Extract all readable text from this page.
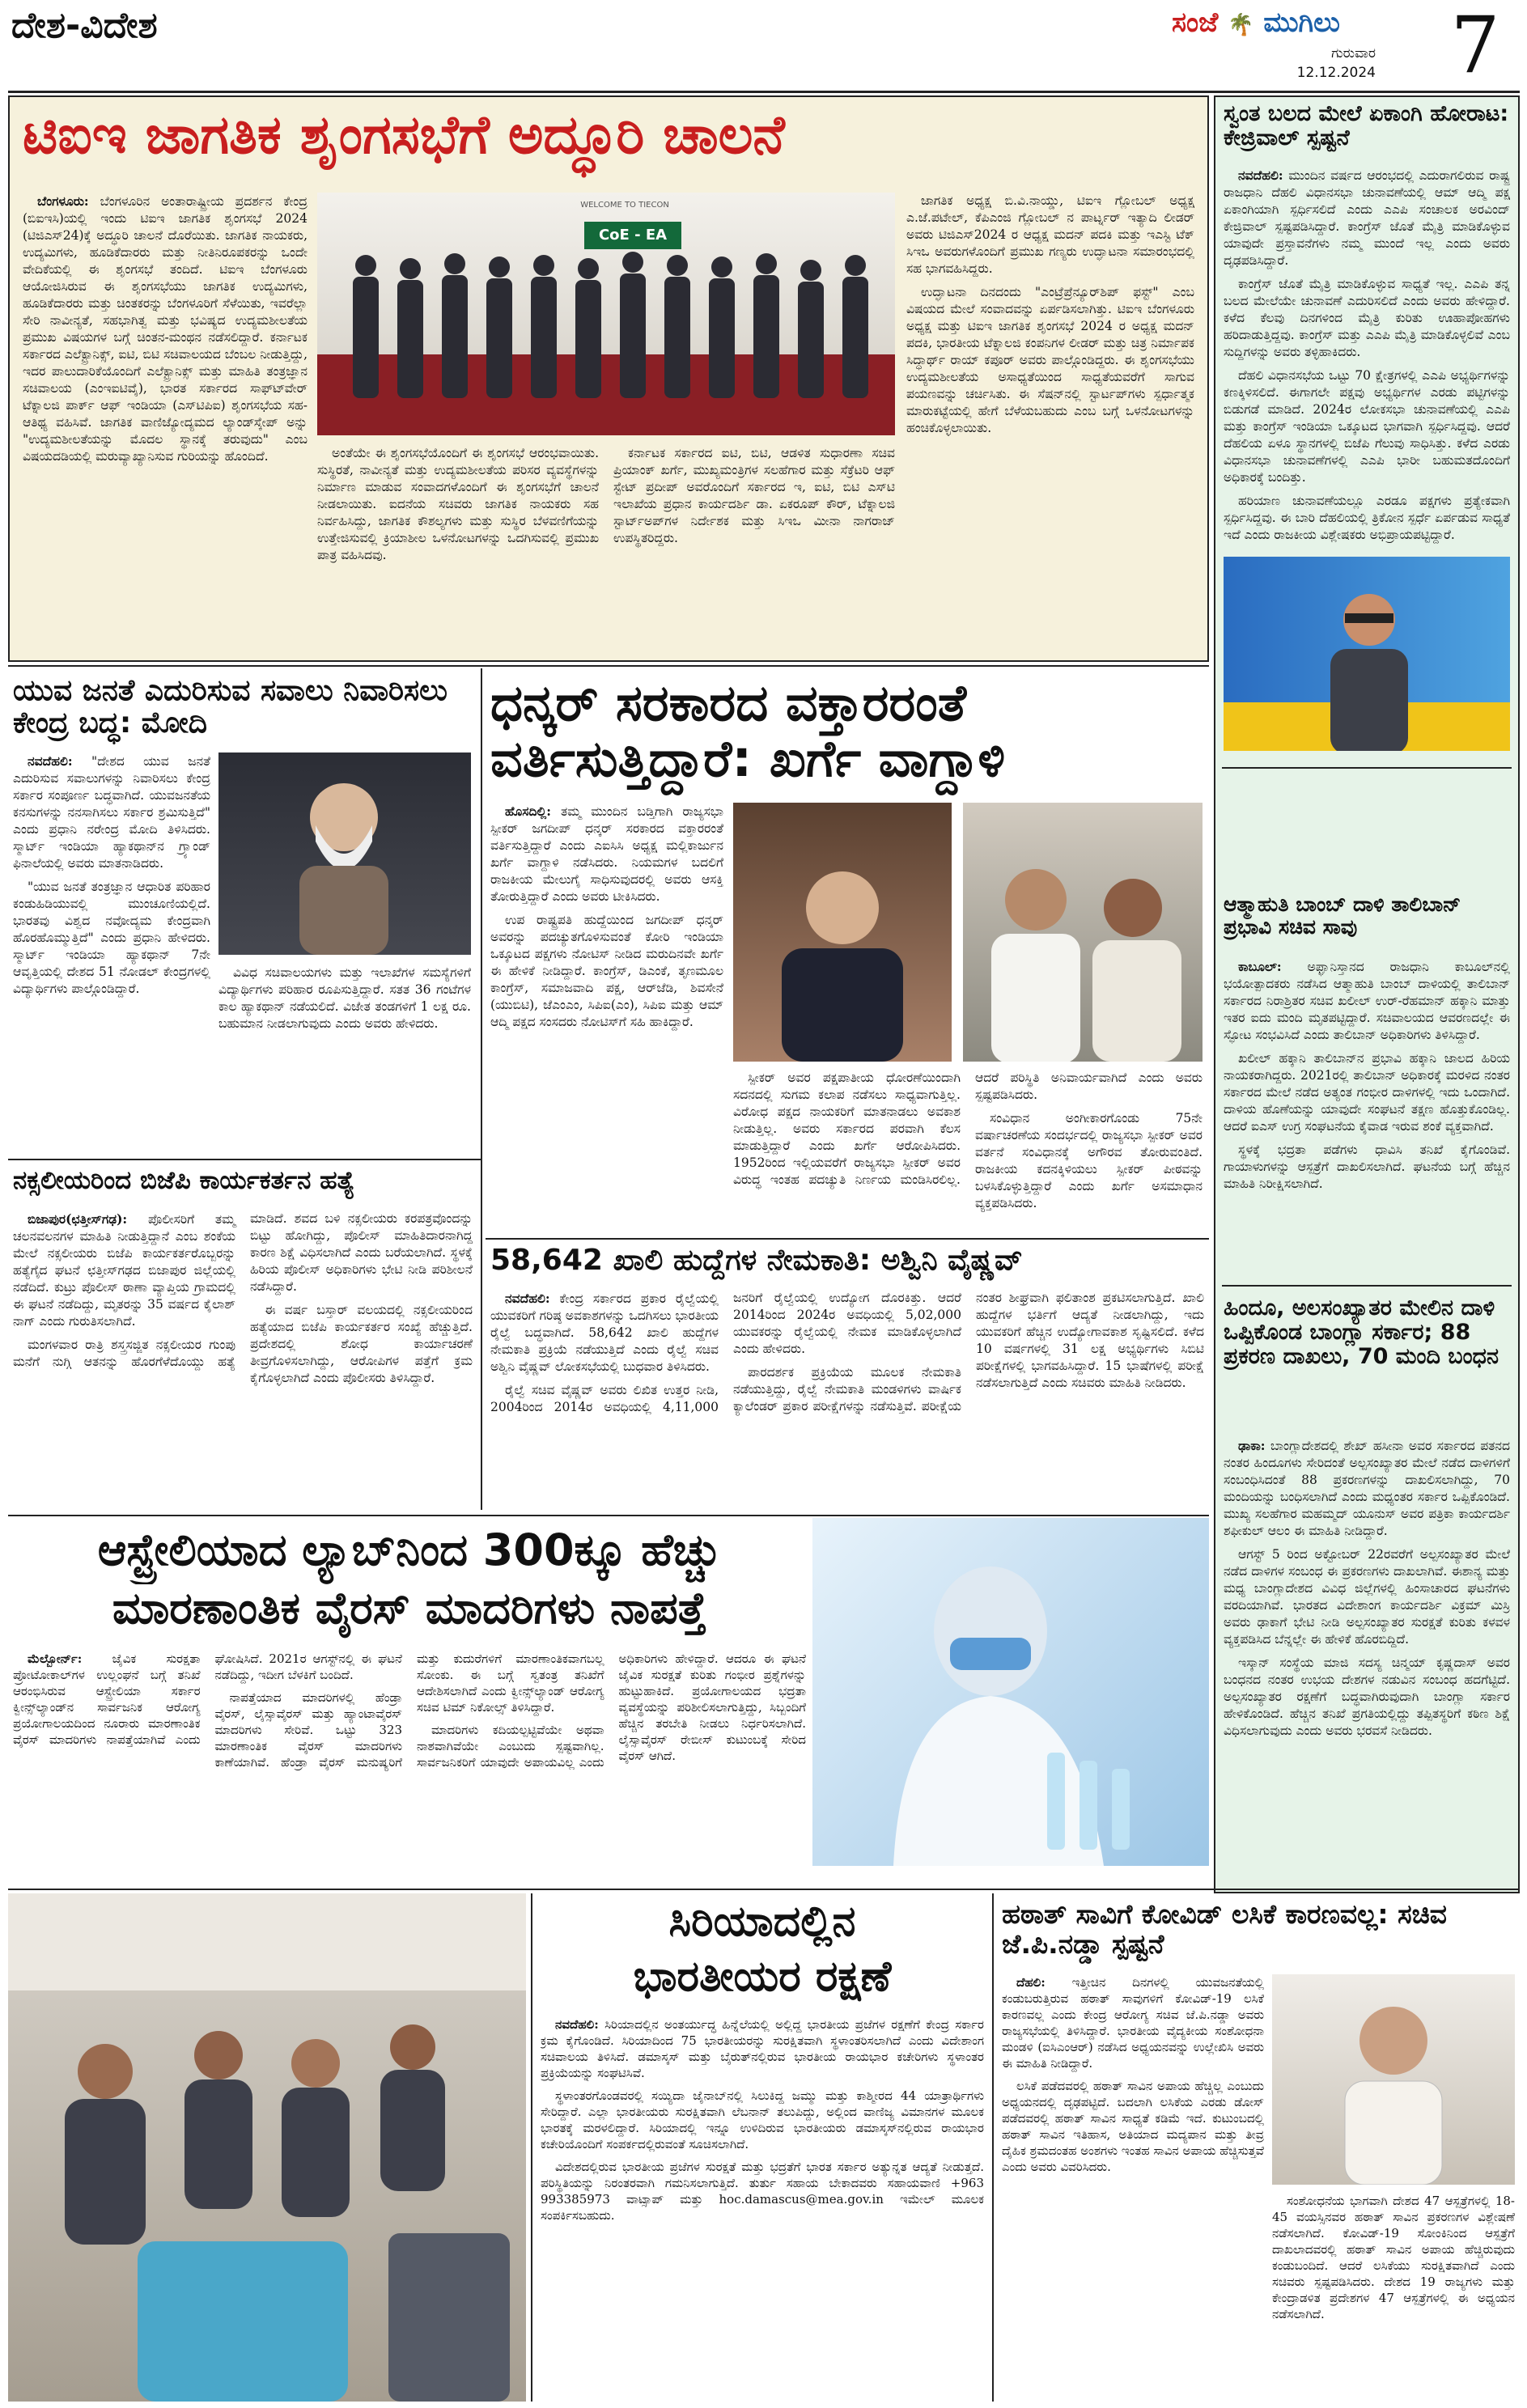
ದೇಶ-ವಿದೇಶ	ಸಂಜೆ 🌴 ಮುಗಿಲು
ಗುರುವಾರ
12.12.2024 7
ಟಿಐಇ ಜಾಗತಿಕ ಶೃಂಗಸಭೆಗೆ ಅದ್ಧೂರಿ ಚಾಲನೆ
WELCOME TO TIECON
CoE - EA

ಬೆಂಗಳೂರು: ಬೆಂಗಳೂರಿನ ಅಂತಾರಾಷ್ಟ್ರೀಯ ಪ್ರದರ್ಶನ ಕೇಂದ್ರ (ಬಿಐಇಸಿ)ಯಲ್ಲಿ ಇಂದು ಟಿಐಇ ಜಾಗತಿಕ ಶೃಂಗಸಭೆ 2024 (ಟಿಜಿಎಸ್24)ಕ್ಕೆ ಅದ್ಧೂರಿ ಚಾಲನೆ ದೊರೆಯಿತು. ಜಾಗತಿಕ ನಾಯಕರು, ಉದ್ಯಮಿಗಳು, ಹೂಡಿಕೆದಾರರು ಮತ್ತು ನೀತಿನಿರೂಪಕರನ್ನು ಒಂದೇ ವೇದಿಕೆಯಲ್ಲಿ ಈ ಶೃಂಗಸಭೆ ತಂದಿದೆ. ಟಿಐಇ ಬೆಂಗಳೂರು ಆಯೋಜಿಸಿರುವ ಈ ಶೃಂಗಸಭೆಯು ಜಾಗತಿಕ ಉದ್ಯಮಿಗಳು, ಹೂಡಿಕೆದಾರರು ಮತ್ತು ಚಿಂತಕರನ್ನು ಬೆಂಗಳೂರಿಗೆ ಸೆಳೆಯಿತು, ಇವರೆಲ್ಲಾ ಸೇರಿ ನಾವೀನ್ಯತೆ, ಸಹಭಾಗಿತ್ವ ಮತ್ತು ಭವಿಷ್ಯದ ಉದ್ಯಮಶೀಲತೆಯ ಪ್ರಮುಖ ವಿಷಯಗಳ ಬಗ್ಗೆ ಚಿಂತನ-ಮಂಥನ ನಡೆಸಲಿದ್ದಾರೆ. ಕರ್ನಾಟಕ ಸರ್ಕಾರದ ಎಲೆಕ್ಟ್ರಾನಿಕ್ಸ್, ಐಟಿ, ಬಿಟಿ ಸಚಿವಾಲಯದ ಬೆಂಬಲ ನೀಡುತ್ತಿದ್ದು, ಇದರ ಪಾಲುದಾರಿಕೆಯೊಂದಿಗೆ ಎಲೆಕ್ಟ್ರಾನಿಕ್ಸ್ ಮತ್ತು ಮಾಹಿತಿ ತಂತ್ರಜ್ಞಾನ ಸಚಿವಾಲಯ (ಎಂಇಐಟಿವೈ), ಭಾರತ ಸರ್ಕಾರದ ಸಾಫ್ಟ್‍ವೇರ್ ಟೆಕ್ನಾಲಜಿ ಪಾರ್ಕ್ ಆಫ್ ಇಂಡಿಯಾ (ಎಸ್‌ಟಿಪಿಐ) ಶೃಂಗಸಭೆಯ ಸಹ-ಆತಿಥ್ಯ ವಹಿಸಿವೆ. ಜಾಗತಿಕ ವಾಣಿಜ್ಯೋದ್ಯಮದ ಲ್ಯಾಂಡ್‍ಸ್ಕೇಪ್ ಅನ್ನು "ಉದ್ಯಮಶೀಲತೆಯನ್ನು ಮೊದಲ ಸ್ಥಾನಕ್ಕೆ ತರುವುದು" ಎಂಬ ವಿಷಯದಡಿಯಲ್ಲಿ ಮರುವ್ಯಾಖ್ಯಾನಿಸುವ ಗುರಿಯನ್ನು ಹೊಂದಿದೆ.	ಅಂತೆಯೇ ಈ ಶೃಂಗಸಭೆಯೊಂದಿಗೆ ಈ ಶೃಂಗಸಭೆ ಆರಂಭವಾಯಿತು. ಸುಸ್ಥಿರತೆ, ನಾವೀನ್ಯತೆ ಮತ್ತು ಉದ್ಯಮಶೀಲತೆಯ ಪರಿಸರ ವ್ಯವಸ್ಥೆಗಳನ್ನು ನಿರ್ಮಾಣ ಮಾಡುವ ಸಂವಾದಗಳೊಂದಿಗೆ ಈ ಶೃಂಗಸಭೆಗೆ ಚಾಲನೆ ನೀಡಲಾಯಿತು. ಐದನೆಯ ಸಚಿವರು ಜಾಗತಿಕ ನಾಯಕರು ಸಹ ನಿರ್ವಹಿಸಿದ್ದು, ಜಾಗತಿಕ ಕೌಶಲ್ಯಗಳು ಮತ್ತು ಸುಸ್ಥಿರ ಬೆಳವಣಿಗೆಯನ್ನು ಉತ್ತೇಜಿಸುವಲ್ಲಿ ಕ್ರಿಯಾಶೀಲ ಒಳನೋಟಗಳನ್ನು ಒದಗಿಸುವಲ್ಲಿ ಪ್ರಮುಖ ಪಾತ್ರ ವಹಿಸಿದವು.

ಕರ್ನಾಟಕ ಸರ್ಕಾರದ ಐಟಿ, ಬಿಟಿ, ಆಡಳಿತ ಸುಧಾರಣಾ ಸಚಿವ ಪ್ರಿಯಾಂಕ್ ಖರ್ಗೆ, ಮುಖ್ಯಮಂತ್ರಿಗಳ ಸಲಹೆಗಾರ ಮತ್ತು ಸೆಕ್ರೆಟರಿ ಆಫ್ ಸ್ಟೇಟ್ ಪ್ರದೀಪ್ ಅವರೊಂದಿಗೆ ಸರ್ಕಾರದ ಇ, ಐಟಿ, ಬಿಟಿ ಎಸ್‌ಟಿ ಇಲಾಖೆಯ ಪ್ರಧಾನ ಕಾರ್ಯದರ್ಶಿ ಡಾ. ಏಕರೂಪ್ ಕೌರ್, ಟೆಕ್ನಾಲಜಿ ಸ್ಟಾರ್ಟ್‌ಅಪ್‌ಗಳ ನಿರ್ದೇಶಕ ಮತ್ತು ಸಿಇಒ ಮೀನಾ ನಾಗರಾಜ್ ಉಪಸ್ಥಿತರಿದ್ದರು.

ಜಾಗತಿಕ ಅಧ್ಯಕ್ಷ ಬಿ.ವಿ.ನಾಯ್ಡು, ಟಿಐಇ ಗ್ಲೋಬಲ್ ಅಧ್ಯಕ್ಷ ಎ.ಜೆ.ಪಟೇಲ್, ಕೆಪಿಎಂಜಿ ಗ್ಲೋಬಲ್ ನ ಪಾರ್ಟ್ನರ್ ಇತ್ಯಾದಿ ಲೀಡರ್ ಅವರು ಟಿಜಿಎಸ್2024 ರ ಆಧ್ಯಕ್ಷ ಮದನ್ ಪದಕಿ ಮತ್ತು ಇಎಸ್ಟಿ ಟೆಕ್ ಸಿಇಒ ಅವರುಗಳೊಂದಿಗೆ ಪ್ರಮುಖ ಗಣ್ಯರು ಉದ್ಘಾಟನಾ ಸಮಾರಂಭದಲ್ಲಿ ಸಹ ಭಾಗವಹಿಸಿದ್ದರು.

ಉದ್ಘಾಟನಾ ದಿನದಂದು "ಎಂಟ್ರೆಪ್ರೆನ್ಯೂರ್‌ಶಿಪ್ ಫಸ್ಟ್" ಎಂಬ ವಿಷಯದ ಮೇಲೆ ಸಂವಾದವನ್ನು ಏರ್ಪಡಿಸಲಾಗಿತ್ತು. ಟಿಐಇ ಬೆಂಗಳೂರು ಅಧ್ಯಕ್ಷ ಮತ್ತು ಟಿಐಇ ಜಾಗತಿಕ ಶೃಂಗಸಭೆ 2024 ರ ಅಧ್ಯಕ್ಷ ಮದನ್ ಪದಕಿ, ಭಾರತೀಯ ಟೆಕ್ನಾಲಜಿ ಕಂಪನಿಗಳ ಲೀಡರ್ ಮತ್ತು ಚಿತ್ರ ನಿರ್ಮಾಪಕ ಸಿದ್ಧಾರ್ಥ್ ರಾಯ್ ಕಪೂರ್ ಅವರು ಪಾಲ್ಗೊಂಡಿದ್ದರು. ಈ ಶೃಂಗಸಭೆಯು ಉದ್ಯಮಶೀಲತೆಯ ಅಸಾಧ್ಯತೆಯಿಂದ ಸಾಧ್ಯತೆಯವರೆಗೆ ಸಾಗುವ ಪಯಣವನ್ನು ಚರ್ಚಿಸಿತು. ಈ ಸೆಷನ್‌ನಲ್ಲಿ ಸ್ಟಾರ್ಟಪ್‌ಗಳು ಸ್ಪರ್ಧಾತ್ಮಕ ಮಾರುಕಟ್ಟೆಯಲ್ಲಿ ಹೇಗೆ ಬೆಳೆಯಬಹುದು ಎಂಬ ಬಗ್ಗೆ ಒಳನೋಟಗಳನ್ನು ಹಂಚಿಕೊಳ್ಳಲಾಯಿತು.

ಸ್ವಂತ ಬಲದ ಮೇಲೆ ಏಕಾಂಗಿ ಹೋರಾಟ: ಕೇಜ್ರಿವಾಲ್ ಸ್ಪಷ್ಟನೆ

ನವದೆಹಲಿ: ಮುಂದಿನ ವರ್ಷದ ಆರಂಭದಲ್ಲಿ ಎದುರಾಗಲಿರುವ ರಾಷ್ಟ್ರ ರಾಜಧಾನಿ ದೆಹಲಿ ವಿಧಾನಸಭಾ ಚುನಾವಣೆಯಲ್ಲಿ ಆಮ್ ಆದ್ಮಿ ಪಕ್ಷ ಏಕಾಂಗಿಯಾಗಿ ಸ್ಪರ್ಧಿಸಲಿದೆ ಎಂದು ಎಎಪಿ ಸಂಚಾಲಕ ಅರವಿಂದ್ ಕೇಜ್ರಿವಾಲ್ ಸ್ಪಷ್ಟಪಡಿಸಿದ್ದಾರೆ. ಕಾಂಗ್ರೆಸ್ ಜೊತೆ ಮೈತ್ರಿ ಮಾಡಿಕೊಳ್ಳುವ ಯಾವುದೇ ಪ್ರಸ್ತಾವನೆಗಳು ನಮ್ಮ ಮುಂದೆ ಇಲ್ಲ ಎಂದು ಅವರು ದೃಢಪಡಿಸಿದ್ದಾರೆ.

ಕಾಂಗ್ರೆಸ್ ಜೊತೆ ಮೈತ್ರಿ ಮಾಡಿಕೊಳ್ಳುವ ಸಾಧ್ಯತೆ ಇಲ್ಲ. ಎಎಪಿ ತನ್ನ ಬಲದ ಮೇಲೆಯೇ ಚುನಾವಣೆ ಎದುರಿಸಲಿದೆ ಎಂದು ಅವರು ಹೇಳಿದ್ದಾರೆ. ಕಳೆದ ಕೆಲವು ದಿನಗಳಿಂದ ಮೈತ್ರಿ ಕುರಿತು ಊಹಾಪೋಹಗಳು ಹರಿದಾಡುತ್ತಿದ್ದವು. ಕಾಂಗ್ರೆಸ್ ಮತ್ತು ಎಎಪಿ ಮೈತ್ರಿ ಮಾಡಿಕೊಳ್ಳಲಿವೆ ಎಂಬ ಸುದ್ದಿಗಳನ್ನು ಅವರು ತಳ್ಳಿಹಾಕಿದರು.

ದೆಹಲಿ ವಿಧಾನಸಭೆಯ ಒಟ್ಟು 70 ಕ್ಷೇತ್ರಗಳಲ್ಲಿ ಎಎಪಿ ಅಭ್ಯರ್ಥಿಗಳನ್ನು ಕಣಕ್ಕಿಳಿಸಲಿದೆ. ಈಗಾಗಲೇ ಪಕ್ಷವು ಅಭ್ಯರ್ಥಿಗಳ ಎರಡು ಪಟ್ಟಿಗಳನ್ನು ಬಿಡುಗಡೆ ಮಾಡಿದೆ. 2024ರ ಲೋಕಸಭಾ ಚುನಾವಣೆಯಲ್ಲಿ ಎಎಪಿ ಮತ್ತು ಕಾಂಗ್ರೆಸ್ ಇಂಡಿಯಾ ಒಕ್ಕೂಟದ ಭಾಗವಾಗಿ ಸ್ಪರ್ಧಿಸಿದ್ದವು. ಆದರೆ ದೆಹಲಿಯ ಏಳೂ ಸ್ಥಾನಗಳಲ್ಲಿ ಬಿಜೆಪಿ ಗೆಲುವು ಸಾಧಿಸಿತ್ತು. ಕಳೆದ ಎರಡು ವಿಧಾನಸಭಾ ಚುನಾವಣೆಗಳಲ್ಲಿ ಎಎಪಿ ಭಾರೀ ಬಹುಮತದೊಂದಿಗೆ ಅಧಿಕಾರಕ್ಕೆ ಬಂದಿತ್ತು.

ಹರಿಯಾಣ ಚುನಾವಣೆಯಲ್ಲೂ ಎರಡೂ ಪಕ್ಷಗಳು ಪ್ರತ್ಯೇಕವಾಗಿ ಸ್ಪರ್ಧಿಸಿದ್ದವು. ಈ ಬಾರಿ ದೆಹಲಿಯಲ್ಲಿ ತ್ರಿಕೋನ ಸ್ಪರ್ಧೆ ಏರ್ಪಡುವ ಸಾಧ್ಯತೆ ಇದೆ ಎಂದು ರಾಜಕೀಯ ವಿಶ್ಲೇಷಕರು ಅಭಿಪ್ರಾಯಪಟ್ಟಿದ್ದಾರೆ.

ಆತ್ಮಾಹುತಿ ಬಾಂಬ್ ದಾಳಿ ತಾಲಿಬಾನ್ ಪ್ರಭಾವಿ ಸಚಿವ ಸಾವು

ಕಾಬೂಲ್: ಅಫ್ಘಾನಿಸ್ತಾನದ ರಾಜಧಾನಿ ಕಾಬೂಲ್‌ನಲ್ಲಿ ಭಯೋತ್ಪಾದಕರು ನಡೆಸಿದ ಆತ್ಮಾಹುತಿ ಬಾಂಬ್ ದಾಳಿಯಲ್ಲಿ ತಾಲಿಬಾನ್ ಸರ್ಕಾರದ ನಿರಾಶ್ರಿತರ ಸಚಿವ ಖಲೀಲ್ ಉರ್-ರೆಹಮಾನ್ ಹಕ್ಕಾನಿ ಮಾತ್ತು ಇತರ ಐದು ಮಂದಿ ಮೃತಪಟ್ಟಿದ್ದಾರೆ. ಸಚಿವಾಲಯದ ಆವರಣದಲ್ಲೇ ಈ ಸ್ಫೋಟ ಸಂಭವಿಸಿದೆ ಎಂದು ತಾಲಿಬಾನ್ ಅಧಿಕಾರಿಗಳು ತಿಳಿಸಿದ್ದಾರೆ.

ಖಲೀಲ್ ಹಕ್ಕಾನಿ ತಾಲಿಬಾನ್‌ನ ಪ್ರಭಾವಿ ಹಕ್ಕಾನಿ ಜಾಲದ ಹಿರಿಯ ನಾಯಕರಾಗಿದ್ದರು. 2021ರಲ್ಲಿ ತಾಲಿಬಾನ್ ಅಧಿಕಾರಕ್ಕೆ ಮರಳಿದ ನಂತರ ಸರ್ಕಾರದ ಮೇಲೆ ನಡೆದ ಅತ್ಯಂತ ಗಂಭೀರ ದಾಳಿಗಳಲ್ಲಿ ಇದು ಒಂದಾಗಿದೆ. ದಾಳಿಯ ಹೊಣೆಯನ್ನು ಯಾವುದೇ ಸಂಘಟನೆ ತಕ್ಷಣ ಹೊತ್ತುಕೊಂಡಿಲ್ಲ. ಆದರೆ ಐಎಸ್ ಉಗ್ರ ಸಂಘಟನೆಯ ಕೈವಾಡ ಇರುವ ಶಂಕೆ ವ್ಯಕ್ತವಾಗಿದೆ.

ಸ್ಥಳಕ್ಕೆ ಭದ್ರತಾ ಪಡೆಗಳು ಧಾವಿಸಿ ತನಿಖೆ ಕೈಗೊಂಡಿವೆ. ಗಾಯಾಳುಗಳನ್ನು ಆಸ್ಪತ್ರೆಗೆ ದಾಖಲಿಸಲಾಗಿದೆ. ಘಟನೆಯ ಬಗ್ಗೆ ಹೆಚ್ಚಿನ ಮಾಹಿತಿ ನಿರೀಕ್ಷಿಸಲಾಗಿದೆ.

ಹಿಂದೂ, ಅಲಸಂಖ್ಯಾತರ ಮೇಲಿನ ದಾಳಿ ಒಪ್ಪಿಕೊಂಡ ಬಾಂಗ್ಲಾ ಸರ್ಕಾರ; 88 ಪ್ರಕರಣ ದಾಖಲು, 70 ಮಂದಿ ಬಂಧನ

ಢಾಕಾ: ಬಾಂಗ್ಲಾದೇಶದಲ್ಲಿ ಶೇಖ್ ಹಸೀನಾ ಅವರ ಸರ್ಕಾರದ ಪತನದ ನಂತರ ಹಿಂದೂಗಳು ಸೇರಿದಂತೆ ಅಲ್ಪಸಂಖ್ಯಾತರ ಮೇಲೆ ನಡೆದ ದಾಳಿಗಳಿಗೆ ಸಂಬಂಧಿಸಿದಂತೆ 88 ಪ್ರಕರಣಗಳನ್ನು ದಾಖಲಿಸಲಾಗಿದ್ದು, 70 ಮಂದಿಯನ್ನು ಬಂಧಿಸಲಾಗಿದೆ ಎಂದು ಮಧ್ಯಂತರ ಸರ್ಕಾರ ಒಪ್ಪಿಕೊಂಡಿದೆ. ಮುಖ್ಯ ಸಲಹೆಗಾರ ಮಹಮ್ಮದ್ ಯೂನುಸ್ ಅವರ ಪತ್ರಿಕಾ ಕಾರ್ಯದರ್ಶಿ ಶಫೀಕುಲ್ ಆಲಂ ಈ ಮಾಹಿತಿ ನೀಡಿದ್ದಾರೆ.

ಆಗಸ್ಟ್ 5 ರಿಂದ ಅಕ್ಟೋಬರ್ 22ರವರೆಗೆ ಅಲ್ಪಸಂಖ್ಯಾತರ ಮೇಲೆ ನಡೆದ ದಾಳಿಗಳ ಸಂಬಂಧ ಈ ಪ್ರಕರಣಗಳು ದಾಖಲಾಗಿವೆ. ಈಶಾನ್ಯ ಮತ್ತು ಮಧ್ಯ ಬಾಂಗ್ಲಾದೇಶದ ವಿವಿಧ ಜಿಲ್ಲೆಗಳಲ್ಲಿ ಹಿಂಸಾಚಾರದ ಘಟನೆಗಳು ವರದಿಯಾಗಿವೆ. ಭಾರತದ ವಿದೇಶಾಂಗ ಕಾರ್ಯದರ್ಶಿ ವಿಕ್ರಮ್ ಮಿಸ್ರಿ ಅವರು ಢಾಕಾಗೆ ಭೇಟಿ ನೀಡಿ ಅಲ್ಪಸಂಖ್ಯಾತರ ಸುರಕ್ಷತೆ ಕುರಿತು ಕಳವಳ ವ್ಯಕ್ತಪಡಿಸಿದ ಬೆನ್ನಲ್ಲೇ ಈ ಹೇಳಿಕೆ ಹೊರಬಿದ್ದಿದೆ.

ಇಸ್ಕಾನ್ ಸಂಸ್ಥೆಯ ಮಾಜಿ ಸದಸ್ಯ ಚಿನ್ಮಯ್ ಕೃಷ್ಣದಾಸ್ ಅವರ ಬಂಧನದ ನಂತರ ಉಭಯ ದೇಶಗಳ ನಡುವಿನ ಸಂಬಂಧ ಹದಗೆಟ್ಟಿದೆ. ಅಲ್ಪಸಂಖ್ಯಾತರ ರಕ್ಷಣೆಗೆ ಬದ್ಧವಾಗಿರುವುದಾಗಿ ಬಾಂಗ್ಲಾ ಸರ್ಕಾರ ಹೇಳಿಕೊಂಡಿದೆ. ಹೆಚ್ಚಿನ ತನಿಖೆ ಪ್ರಗತಿಯಲ್ಲಿದ್ದು ತಪ್ಪಿತಸ್ಥರಿಗೆ ಕಠಿಣ ಶಿಕ್ಷೆ ವಿಧಿಸಲಾಗುವುದು ಎಂದು ಅವರು ಭರವಸೆ ನೀಡಿದರು.

ಯುವ ಜನತೆ ಎದುರಿಸುವ ಸವಾಲು ನಿವಾರಿಸಲು ಕೇಂದ್ರ ಬದ್ಧ: ಮೋದಿ

ನವದೆಹಲಿ: "ದೇಶದ ಯುವ ಜನತೆ ಎದುರಿಸುವ ಸವಾಲುಗಳನ್ನು ನಿವಾರಿಸಲು ಕೇಂದ್ರ ಸರ್ಕಾರ ಸಂಪೂರ್ಣ ಬದ್ಧವಾಗಿದೆ. ಯುವಜನತೆಯ ಕನಸುಗಳನ್ನು ನನಸಾಗಿಸಲು ಸರ್ಕಾರ ಶ್ರಮಿಸುತ್ತಿದೆ" ಎಂದು ಪ್ರಧಾನಿ ನರೇಂದ್ರ ಮೋದಿ ತಿಳಿಸಿದರು. ಸ್ಮಾರ್ಟ್ ಇಂಡಿಯಾ ಹ್ಯಾಕಥಾನ್‌ನ ಗ್ರ್ಯಾಂಡ್ ಫಿನಾಲೆಯಲ್ಲಿ ಅವರು ಮಾತನಾಡಿದರು.

"ಯುವ ಜನತೆ ತಂತ್ರಜ್ಞಾನ ಆಧಾರಿತ ಪರಿಹಾರ ಕಂಡುಹಿಡಿಯುವಲ್ಲಿ ಮುಂಚೂಣಿಯಲ್ಲಿದೆ. ಭಾರತವು ವಿಶ್ವದ ನವೋದ್ಯಮ ಕೇಂದ್ರವಾಗಿ ಹೊರಹೊಮ್ಮುತ್ತಿದೆ" ಎಂದು ಪ್ರಧಾನಿ ಹೇಳಿದರು. ಸ್ಮಾರ್ಟ್ ಇಂಡಿಯಾ ಹ್ಯಾಕಥಾನ್ 7ನೇ ಆವೃತ್ತಿಯಲ್ಲಿ ದೇಶದ 51 ನೋಡಲ್ ಕೇಂದ್ರಗಳಲ್ಲಿ ವಿದ್ಯಾರ್ಥಿಗಳು ಪಾಲ್ಗೊಂಡಿದ್ದಾರೆ.

ವಿವಿಧ ಸಚಿವಾಲಯಗಳು ಮತ್ತು ಇಲಾಖೆಗಳ ಸಮಸ್ಯೆಗಳಿಗೆ ವಿದ್ಯಾರ್ಥಿಗಳು ಪರಿಹಾರ ರೂಪಿಸುತ್ತಿದ್ದಾರೆ. ಸತತ 36 ಗಂಟೆಗಳ ಕಾಲ ಹ್ಯಾಕಥಾನ್ ನಡೆಯಲಿದೆ. ವಿಜೇತ ತಂಡಗಳಿಗೆ 1 ಲಕ್ಷ ರೂ. ಬಹುಮಾನ ನೀಡಲಾಗುವುದು ಎಂದು ಅವರು ಹೇಳಿದರು.

ಧನ್ಕರ್ ಸರಕಾರದ ವಕ್ತಾರರಂತೆ ವರ್ತಿಸುತ್ತಿದ್ದಾರೆ: ಖರ್ಗೆ ವಾಗ್ದಾಳಿ

ಹೊಸದಿಲ್ಲಿ: ತಮ್ಮ ಮುಂದಿನ ಬಡ್ತಿಗಾಗಿ ರಾಜ್ಯಸಭಾ ಸ್ಪೀಕರ್ ಜಗದೀಪ್ ಧನ್ಕರ್ ಸರಕಾರದ ವಕ್ತಾರರಂತೆ ವರ್ತಿಸುತ್ತಿದ್ದಾರೆ ಎಂದು ಎಐಸಿಸಿ ಅಧ್ಯಕ್ಷ ಮಲ್ಲಿಕಾರ್ಜುನ ಖರ್ಗೆ ವಾಗ್ದಾಳಿ ನಡೆಸಿದರು. ನಿಯಮಗಳ ಬದಲಿಗೆ ರಾಜಕೀಯ ಮೇಲುಗೈ ಸಾಧಿಸುವುದರಲ್ಲಿ ಅವರು ಆಸಕ್ತಿ ತೋರುತ್ತಿದ್ದಾರೆ ಎಂದು ಅವರು ಟೀಕಿಸಿದರು.

ಉಪ ರಾಷ್ಟ್ರಪತಿ ಹುದ್ದೆಯಿಂದ ಜಗದೀಪ್ ಧನ್ಕರ್ ಅವರನ್ನು ಪದಚ್ಯುತಗೊಳಿಸುವಂತೆ ಕೋರಿ ಇಂಡಿಯಾ ಒಕ್ಕೂಟದ ಪಕ್ಷಗಳು ನೋಟಿಸ್ ನೀಡಿದ ಮರುದಿನವೇ ಖರ್ಗೆ ಈ ಹೇಳಿಕೆ ನೀಡಿದ್ದಾರೆ. ಕಾಂಗ್ರೆಸ್, ಡಿಎಂಕೆ, ತೃಣಮೂಲ ಕಾಂಗ್ರೆಸ್, ಸಮಾಜವಾದಿ ಪಕ್ಷ, ಆರ್‌ಜೆಡಿ, ಶಿವಸೇನೆ (ಯುಬಿಟಿ), ಜೆಎಂಎಂ, ಸಿಪಿಐ(ಎಂ), ಸಿಪಿಐ ಮತ್ತು ಆಮ್ ಆದ್ಮಿ ಪಕ್ಷದ ಸಂಸದರು ನೋಟಿಸ್‌ಗೆ ಸಹಿ ಹಾಕಿದ್ದಾರೆ.

ಸ್ಪೀಕರ್ ಅವರ ಪಕ್ಷಪಾತೀಯ ಧೋರಣೆಯಿಂದಾಗಿ ಸದನದಲ್ಲಿ ಸುಗಮ ಕಲಾಪ ನಡೆಸಲು ಸಾಧ್ಯವಾಗುತ್ತಿಲ್ಲ. ವಿರೋಧ ಪಕ್ಷದ ನಾಯಕರಿಗೆ ಮಾತನಾಡಲು ಅವಕಾಶ ನೀಡುತ್ತಿಲ್ಲ. ಅವರು ಸರ್ಕಾರದ ಪರವಾಗಿ ಕೆಲಸ ಮಾಡುತ್ತಿದ್ದಾರೆ ಎಂದು ಖರ್ಗೆ ಆರೋಪಿಸಿದರು. 1952ರಿಂದ ಇಲ್ಲಿಯವರೆಗೆ ರಾಜ್ಯಸಭಾ ಸ್ಪೀಕರ್ ಅವರ ವಿರುದ್ಧ ಇಂತಹ ಪದಚ್ಯುತಿ ನಿರ್ಣಯ ಮಂಡಿಸಿರಲಿಲ್ಲ. ಆದರೆ ಪರಿಸ್ಥಿತಿ ಅನಿವಾರ್ಯವಾಗಿದೆ ಎಂದು ಅವರು ಸ್ಪಷ್ಟಪಡಿಸಿದರು.

ಸಂವಿಧಾನ ಅಂಗೀಕಾರಗೊಂಡು 75ನೇ ವರ್ಷಾಚರಣೆಯ ಸಂದರ್ಭದಲ್ಲಿ ರಾಜ್ಯಸಭಾ ಸ್ಪೀಕರ್ ಅವರ ವರ್ತನೆ ಸಂವಿಧಾನಕ್ಕೆ ಅಗೌರವ ತೋರುವಂತಿದೆ. ರಾಜಕೀಯ ಕದನಕ್ಕಿಳಿಯಲು ಸ್ಪೀಕರ್ ಪೀಠವನ್ನು ಬಳಸಿಕೊಳ್ಳುತ್ತಿದ್ದಾರೆ ಎಂದು ಖರ್ಗೆ ಅಸಮಾಧಾನ ವ್ಯಕ್ತಪಡಿಸಿದರು.

ನಕ್ಸಲೀಯರಿಂದ ಬಿಜೆಪಿ ಕಾರ್ಯಕರ್ತನ ಹತ್ಯೆ

ಬಿಜಾಪುರ(ಛತ್ತೀಸ್‌ಗಢ): ಪೊಲೀಸರಿಗೆ ತಮ್ಮ ಚಲನವಲನಗಳ ಮಾಹಿತಿ ನೀಡುತ್ತಿದ್ದಾನೆ ಎಂಬ ಶಂಕೆಯ ಮೇಲೆ ನಕ್ಸಲೀಯರು ಬಿಜೆಪಿ ಕಾರ್ಯಕರ್ತರೊಬ್ಬರನ್ನು ಹತ್ಯೆಗೈದ ಘಟನೆ ಛತ್ತೀಸ್‌ಗಢದ ಬಿಜಾಪುರ ಜಿಲ್ಲೆಯಲ್ಲಿ ನಡೆದಿದೆ. ಕುಟ್ರು ಪೊಲೀಸ್ ಠಾಣಾ ವ್ಯಾಪ್ತಿಯ ಗ್ರಾಮದಲ್ಲಿ ಈ ಘಟನೆ ನಡೆದಿದ್ದು, ಮೃತರನ್ನು 35 ವರ್ಷದ ಕೈಲಾಶ್ ನಾಗ್ ಎಂದು ಗುರುತಿಸಲಾಗಿದೆ.

ಮಂಗಳವಾರ ರಾತ್ರಿ ಶಸ್ತ್ರಸಜ್ಜಿತ ನಕ್ಸಲೀಯರ ಗುಂಪು ಮನೆಗೆ ನುಗ್ಗಿ ಆತನನ್ನು ಹೊರಗೆಳೆದೊಯ್ದು ಹತ್ಯೆ ಮಾಡಿದೆ. ಶವದ ಬಳಿ ನಕ್ಸಲೀಯರು ಕರಪತ್ರವೊಂದನ್ನು ಬಿಟ್ಟು ಹೋಗಿದ್ದು, ಪೊಲೀಸ್ ಮಾಹಿತಿದಾರನಾಗಿದ್ದ ಕಾರಣ ಶಿಕ್ಷೆ ವಿಧಿಸಲಾಗಿದೆ ಎಂದು ಬರೆಯಲಾಗಿದೆ. ಸ್ಥಳಕ್ಕೆ ಹಿರಿಯ ಪೊಲೀಸ್ ಅಧಿಕಾರಿಗಳು ಭೇಟಿ ನೀಡಿ ಪರಿಶೀಲನೆ ನಡೆಸಿದ್ದಾರೆ.

ಈ ವರ್ಷ ಬಸ್ತಾರ್ ವಲಯದಲ್ಲಿ ನಕ್ಸಲೀಯರಿಂದ ಹತ್ಯೆಯಾದ ಬಿಜೆಪಿ ಕಾರ್ಯಕರ್ತರ ಸಂಖ್ಯೆ ಹೆಚ್ಚುತ್ತಿದೆ. ಪ್ರದೇಶದಲ್ಲಿ ಶೋಧ ಕಾರ್ಯಾಚರಣೆ ತೀವ್ರಗೊಳಿಸಲಾಗಿದ್ದು, ಆರೋಪಿಗಳ ಪತ್ತೆಗೆ ಕ್ರಮ ಕೈಗೊಳ್ಳಲಾಗಿದೆ ಎಂದು ಪೊಲೀಸರು ತಿಳಿಸಿದ್ದಾರೆ.

58,642 ಖಾಲಿ ಹುದ್ದೆಗಳ ನೇಮಕಾತಿ: ಅಶ್ವಿನಿ ವೈಷ್ಣವ್

ನವದೆಹಲಿ: ಕೇಂದ್ರ ಸರ್ಕಾರದ ಪ್ರಕಾರ ರೈಲ್ವೆಯಲ್ಲಿ ಯುವಕರಿಗೆ ಗರಿಷ್ಠ ಅವಕಾಶಗಳನ್ನು ಒದಗಿಸಲು ಭಾರತೀಯ ರೈಲ್ವೆ ಬದ್ಧವಾಗಿದೆ. 58,642 ಖಾಲಿ ಹುದ್ದೆಗಳ ನೇಮಕಾತಿ ಪ್ರಕ್ರಿಯೆ ನಡೆಯುತ್ತಿದೆ ಎಂದು ರೈಲ್ವೆ ಸಚಿವ ಅಶ್ವಿನಿ ವೈಷ್ಣವ್ ಲೋಕಸಭೆಯಲ್ಲಿ ಬುಧವಾರ ತಿಳಿಸಿದರು.

ರೈಲ್ವೆ ಸಚಿವ ವೈಷ್ಣವ್ ಅವರು ಲಿಖಿತ ಉತ್ತರ ನೀಡಿ, 2004ರಿಂದ 2014ರ ಅವಧಿಯಲ್ಲಿ 4,11,000 ಜನರಿಗೆ ರೈಲ್ವೆಯಲ್ಲಿ ಉದ್ಯೋಗ ದೊರಕಿತ್ತು. ಆದರೆ 2014ರಿಂದ 2024ರ ಅವಧಿಯಲ್ಲಿ 5,02,000 ಯುವಕರನ್ನು ರೈಲ್ವೆಯಲ್ಲಿ ನೇಮಕ ಮಾಡಿಕೊಳ್ಳಲಾಗಿದೆ ಎಂದು ಹೇಳಿದರು.

ಪಾರದರ್ಶಕ ಪ್ರಕ್ರಿಯೆಯ ಮೂಲಕ ನೇಮಕಾತಿ ನಡೆಯುತ್ತಿದ್ದು, ರೈಲ್ವೆ ನೇಮಕಾತಿ ಮಂಡಳಿಗಳು ವಾರ್ಷಿಕ ಕ್ಯಾಲೆಂಡರ್ ಪ್ರಕಾರ ಪರೀಕ್ಷೆಗಳನ್ನು ನಡೆಸುತ್ತಿವೆ. ಪರೀಕ್ಷೆಯ ನಂತರ ಶೀಘ್ರವಾಗಿ ಫಲಿತಾಂಶ ಪ್ರಕಟಿಸಲಾಗುತ್ತಿದೆ. ಖಾಲಿ ಹುದ್ದೆಗಳ ಭರ್ತಿಗೆ ಆದ್ಯತೆ ನೀಡಲಾಗಿದ್ದು, ಇದು ಯುವಕರಿಗೆ ಹೆಚ್ಚಿನ ಉದ್ಯೋಗಾವಕಾಶ ಸೃಷ್ಟಿಸಲಿದೆ. ಕಳೆದ 10 ವರ್ಷಗಳಲ್ಲಿ 31 ಲಕ್ಷ ಅಭ್ಯರ್ಥಿಗಳು ಸಿಬಿಟಿ ಪರೀಕ್ಷೆಗಳಲ್ಲಿ ಭಾಗವಹಿಸಿದ್ದಾರೆ. 15 ಭಾಷೆಗಳಲ್ಲಿ ಪರೀಕ್ಷೆ ನಡೆಸಲಾಗುತ್ತಿದೆ ಎಂದು ಸಚಿವರು ಮಾಹಿತಿ ನೀಡಿದರು.

ಆಸ್ಟ್ರೇಲಿಯಾದ ಲ್ಯಾಬ್‌ನಿಂದ 300ಕ್ಕೂ ಹೆಚ್ಚು
ಮಾರಣಾಂತಿಕ ವೈರಸ್ ಮಾದರಿಗಳು ನಾಪತ್ತೆ

ಮೆಲ್ಬೋರ್ನ್: ಜೈವಿಕ ಸುರಕ್ಷತಾ ಪ್ರೋಟೋಕಾಲ್‌ಗಳ ಉಲ್ಲಂಘನೆ ಬಗ್ಗೆ ತನಿಖೆ ಆರಂಭಿಸಿರುವ ಆಸ್ಟ್ರೇಲಿಯಾ ಸರ್ಕಾರ ಕ್ವೀನ್ಸ್‌ಲ್ಯಾಂಡ್‌ನ ಸಾರ್ವಜನಿಕ ಆರೋಗ್ಯ ಪ್ರಯೋಗಾಲಯದಿಂದ ನೂರಾರು ಮಾರಣಾಂತಿಕ ವೈರಸ್ ಮಾದರಿಗಳು ನಾಪತ್ತೆಯಾಗಿವೆ ಎಂದು ಘೋಷಿಸಿದೆ. 2021ರ ಆಗಸ್ಟ್‌ನಲ್ಲಿ ಈ ಘಟನೆ ನಡೆದಿದ್ದು, ಇದೀಗ ಬೆಳಕಿಗೆ ಬಂದಿದೆ.

ನಾಪತ್ತೆಯಾದ ಮಾದರಿಗಳಲ್ಲಿ ಹೆಂಡ್ರಾ ವೈರಸ್, ಲೈಸ್ಸಾವೈರಸ್ ಮತ್ತು ಹ್ಯಾಂಟಾವೈರಸ್ ಮಾದರಿಗಳು ಸೇರಿವೆ. ಒಟ್ಟು 323 ಮಾರಣಾಂತಿಕ ವೈರಸ್ ಮಾದರಿಗಳು ಕಾಣೆಯಾಗಿವೆ. ಹೆಂಡ್ರಾ ವೈರಸ್ ಮನುಷ್ಯರಿಗೆ ಮತ್ತು ಕುದುರೆಗಳಿಗೆ ಮಾರಣಾಂತಿಕವಾಗಬಲ್ಲ ಸೋಂಕು. ಈ ಬಗ್ಗೆ ಸ್ವತಂತ್ರ ತನಿಖೆಗೆ ಆದೇಶಿಸಲಾಗಿದೆ ಎಂದು ಕ್ವೀನ್ಸ್‌ಲ್ಯಾಂಡ್ ಆರೋಗ್ಯ ಸಚಿವ ಟಿಮ್ ನಿಕೋಲ್ಸ್ ತಿಳಿಸಿದ್ದಾರೆ.

ಮಾದರಿಗಳು ಕದಿಯಲ್ಪಟ್ಟಿವೆಯೇ ಅಥವಾ ನಾಶವಾಗಿವೆಯೇ ಎಂಬುದು ಸ್ಪಷ್ಟವಾಗಿಲ್ಲ. ಸಾರ್ವಜನಿಕರಿಗೆ ಯಾವುದೇ ಅಪಾಯವಿಲ್ಲ ಎಂದು ಅಧಿಕಾರಿಗಳು ಹೇಳಿದ್ದಾರೆ. ಆದರೂ ಈ ಘಟನೆ ಜೈವಿಕ ಸುರಕ್ಷತೆ ಕುರಿತು ಗಂಭೀರ ಪ್ರಶ್ನೆಗಳನ್ನು ಹುಟ್ಟುಹಾಕಿದೆ. ಪ್ರಯೋಗಾಲಯದ ಭದ್ರತಾ ವ್ಯವಸ್ಥೆಯನ್ನು ಪರಿಶೀಲಿಸಲಾಗುತ್ತಿದ್ದು, ಸಿಬ್ಬಂದಿಗೆ ಹೆಚ್ಚಿನ ತರಬೇತಿ ನೀಡಲು ನಿರ್ಧರಿಸಲಾಗಿದೆ. ಲೈಸ್ಸಾವೈರಸ್ ರೇಬೀಸ್ ಕುಟುಂಬಕ್ಕೆ ಸೇರಿದ ವೈರಸ್ ಆಗಿದೆ.

ಸಿರಿಯಾದಲ್ಲಿನ
ಭಾರತೀಯರ ರಕ್ಷಣೆ

ನವದೆಹಲಿ: ಸಿರಿಯಾದಲ್ಲಿನ ಅಂತರ್ಯುದ್ಧ ಹಿನ್ನೆಲೆಯಲ್ಲಿ ಅಲ್ಲಿದ್ದ ಭಾರತೀಯ ಪ್ರಜೆಗಳ ರಕ್ಷಣೆಗೆ ಕೇಂದ್ರ ಸರ್ಕಾರ ಕ್ರಮ ಕೈಗೊಂಡಿದೆ. ಸಿರಿಯಾದಿಂದ 75 ಭಾರತೀಯರನ್ನು ಸುರಕ್ಷಿತವಾಗಿ ಸ್ಥಳಾಂತರಿಸಲಾಗಿದೆ ಎಂದು ವಿದೇಶಾಂಗ ಸಚಿವಾಲಯ ತಿಳಿಸಿದೆ. ಡಮಾಸ್ಕಸ್ ಮತ್ತು ಬೈರುತ್‌ನಲ್ಲಿರುವ ಭಾರತೀಯ ರಾಯಭಾರ ಕಚೇರಿಗಳು ಸ್ಥಳಾಂತರ ಪ್ರಕ್ರಿಯೆಯನ್ನು ಸಂಘಟಿಸಿವೆ.

ಸ್ಥಳಾಂತರಗೊಂಡವರಲ್ಲಿ ಸಯ್ಯಿದಾ ಜೈನಾಬ್‌ನಲ್ಲಿ ಸಿಲುಕಿದ್ದ ಜಮ್ಮು ಮತ್ತು ಕಾಶ್ಮೀರದ 44 ಯಾತ್ರಾರ್ಥಿಗಳು ಸೇರಿದ್ದಾರೆ. ಎಲ್ಲಾ ಭಾರತೀಯರು ಸುರಕ್ಷಿತವಾಗಿ ಲೆಬನಾನ್ ತಲುಪಿದ್ದು, ಅಲ್ಲಿಂದ ವಾಣಿಜ್ಯ ವಿಮಾನಗಳ ಮೂಲಕ ಭಾರತಕ್ಕೆ ಮರಳಲಿದ್ದಾರೆ. ಸಿರಿಯಾದಲ್ಲಿ ಇನ್ನೂ ಉಳಿದಿರುವ ಭಾರತೀಯರು ಡಮಾಸ್ಕಸ್‌ನಲ್ಲಿರುವ ರಾಯಭಾರ ಕಚೇರಿಯೊಂದಿಗೆ ಸಂಪರ್ಕದಲ್ಲಿರುವಂತೆ ಸೂಚಿಸಲಾಗಿದೆ.

ವಿದೇಶದಲ್ಲಿರುವ ಭಾರತೀಯ ಪ್ರಜೆಗಳ ಸುರಕ್ಷತೆ ಮತ್ತು ಭದ್ರತೆಗೆ ಭಾರತ ಸರ್ಕಾರ ಅತ್ಯುನ್ನತ ಆದ್ಯತೆ ನೀಡುತ್ತದೆ. ಪರಿಸ್ಥಿತಿಯನ್ನು ನಿರಂತರವಾಗಿ ಗಮನಿಸಲಾಗುತ್ತಿದೆ. ತುರ್ತು ಸಹಾಯ ಬೇಕಾದವರು ಸಹಾಯವಾಣಿ +963 993385973 ವಾಟ್ಸಾಪ್ ಮತ್ತು hoc.damascus@mea.gov.in ಇಮೇಲ್ ಮೂಲಕ ಸಂಪರ್ಕಿಸಬಹುದು.

ಹಠಾತ್ ಸಾವಿಗೆ ಕೋವಿಡ್ ಲಸಿಕೆ ಕಾರಣವಲ್ಲ: ಸಚಿವ ಜೆ.ಪಿ.ನಡ್ಡಾ ಸ್ಪಷ್ಟನೆ

ದೆಹಲಿ: ಇತ್ತೀಚಿನ ದಿನಗಳಲ್ಲಿ ಯುವಜನತೆಯಲ್ಲಿ ಕಂಡುಬರುತ್ತಿರುವ ಹಠಾತ್ ಸಾವುಗಳಿಗೆ ಕೋವಿಡ್-19 ಲಸಿಕೆ ಕಾರಣವಲ್ಲ ಎಂದು ಕೇಂದ್ರ ಆರೋಗ್ಯ ಸಚಿವ ಜೆ.ಪಿ.ನಡ್ಡಾ ಅವರು ರಾಜ್ಯಸಭೆಯಲ್ಲಿ ತಿಳಿಸಿದ್ದಾರೆ. ಭಾರತೀಯ ವೈದ್ಯಕೀಯ ಸಂಶೋಧನಾ ಮಂಡಳಿ (ಐಸಿಎಂಆರ್) ನಡೆಸಿದ ಅಧ್ಯಯನವನ್ನು ಉಲ್ಲೇಖಿಸಿ ಅವರು ಈ ಮಾಹಿತಿ ನೀಡಿದ್ದಾರೆ.

ಲಸಿಕೆ ಪಡೆದವರಲ್ಲಿ ಹಠಾತ್ ಸಾವಿನ ಅಪಾಯ ಹೆಚ್ಚಿಲ್ಲ ಎಂಬುದು ಅಧ್ಯಯನದಲ್ಲಿ ದೃಢಪಟ್ಟಿದೆ. ಬದಲಾಗಿ ಲಸಿಕೆಯ ಎರಡು ಡೋಸ್ ಪಡೆದವರಲ್ಲಿ ಹಠಾತ್ ಸಾವಿನ ಸಾಧ್ಯತೆ ಕಡಿಮೆ ಇದೆ. ಕುಟುಂಬದಲ್ಲಿ ಹಠಾತ್ ಸಾವಿನ ಇತಿಹಾಸ, ಅತಿಯಾದ ಮದ್ಯಪಾನ ಮತ್ತು ತೀವ್ರ ದೈಹಿಕ ಶ್ರಮದಂತಹ ಅಂಶಗಳು ಇಂತಹ ಸಾವಿನ ಅಪಾಯ ಹೆಚ್ಚಿಸುತ್ತವೆ ಎಂದು ಅವರು ವಿವರಿಸಿದರು.

ಸಂಶೋಧನೆಯ ಭಾಗವಾಗಿ ದೇಶದ 47 ಆಸ್ಪತ್ರೆಗಳಲ್ಲಿ 18-45 ವಯಸ್ಸಿನವರ ಹಠಾತ್ ಸಾವಿನ ಪ್ರಕರಣಗಳ ವಿಶ್ಲೇಷಣೆ ನಡೆಸಲಾಗಿದೆ. ಕೋವಿಡ್-19 ಸೋಂಕಿನಿಂದ ಆಸ್ಪತ್ರೆಗೆ ದಾಖಲಾದವರಲ್ಲಿ ಹಠಾತ್ ಸಾವಿನ ಅಪಾಯ ಹೆಚ್ಚಿರುವುದು ಕಂಡುಬಂದಿದೆ. ಆದರೆ ಲಸಿಕೆಯು ಸುರಕ್ಷಿತವಾಗಿದೆ ಎಂದು ಸಚಿವರು ಸ್ಪಷ್ಟಪಡಿಸಿದರು. ದೇಶದ 19 ರಾಜ್ಯಗಳು ಮತ್ತು ಕೇಂದ್ರಾಡಳಿತ ಪ್ರದೇಶಗಳ 47 ಆಸ್ಪತ್ರೆಗಳಲ್ಲಿ ಈ ಅಧ್ಯಯನ ನಡೆಸಲಾಗಿದೆ.
